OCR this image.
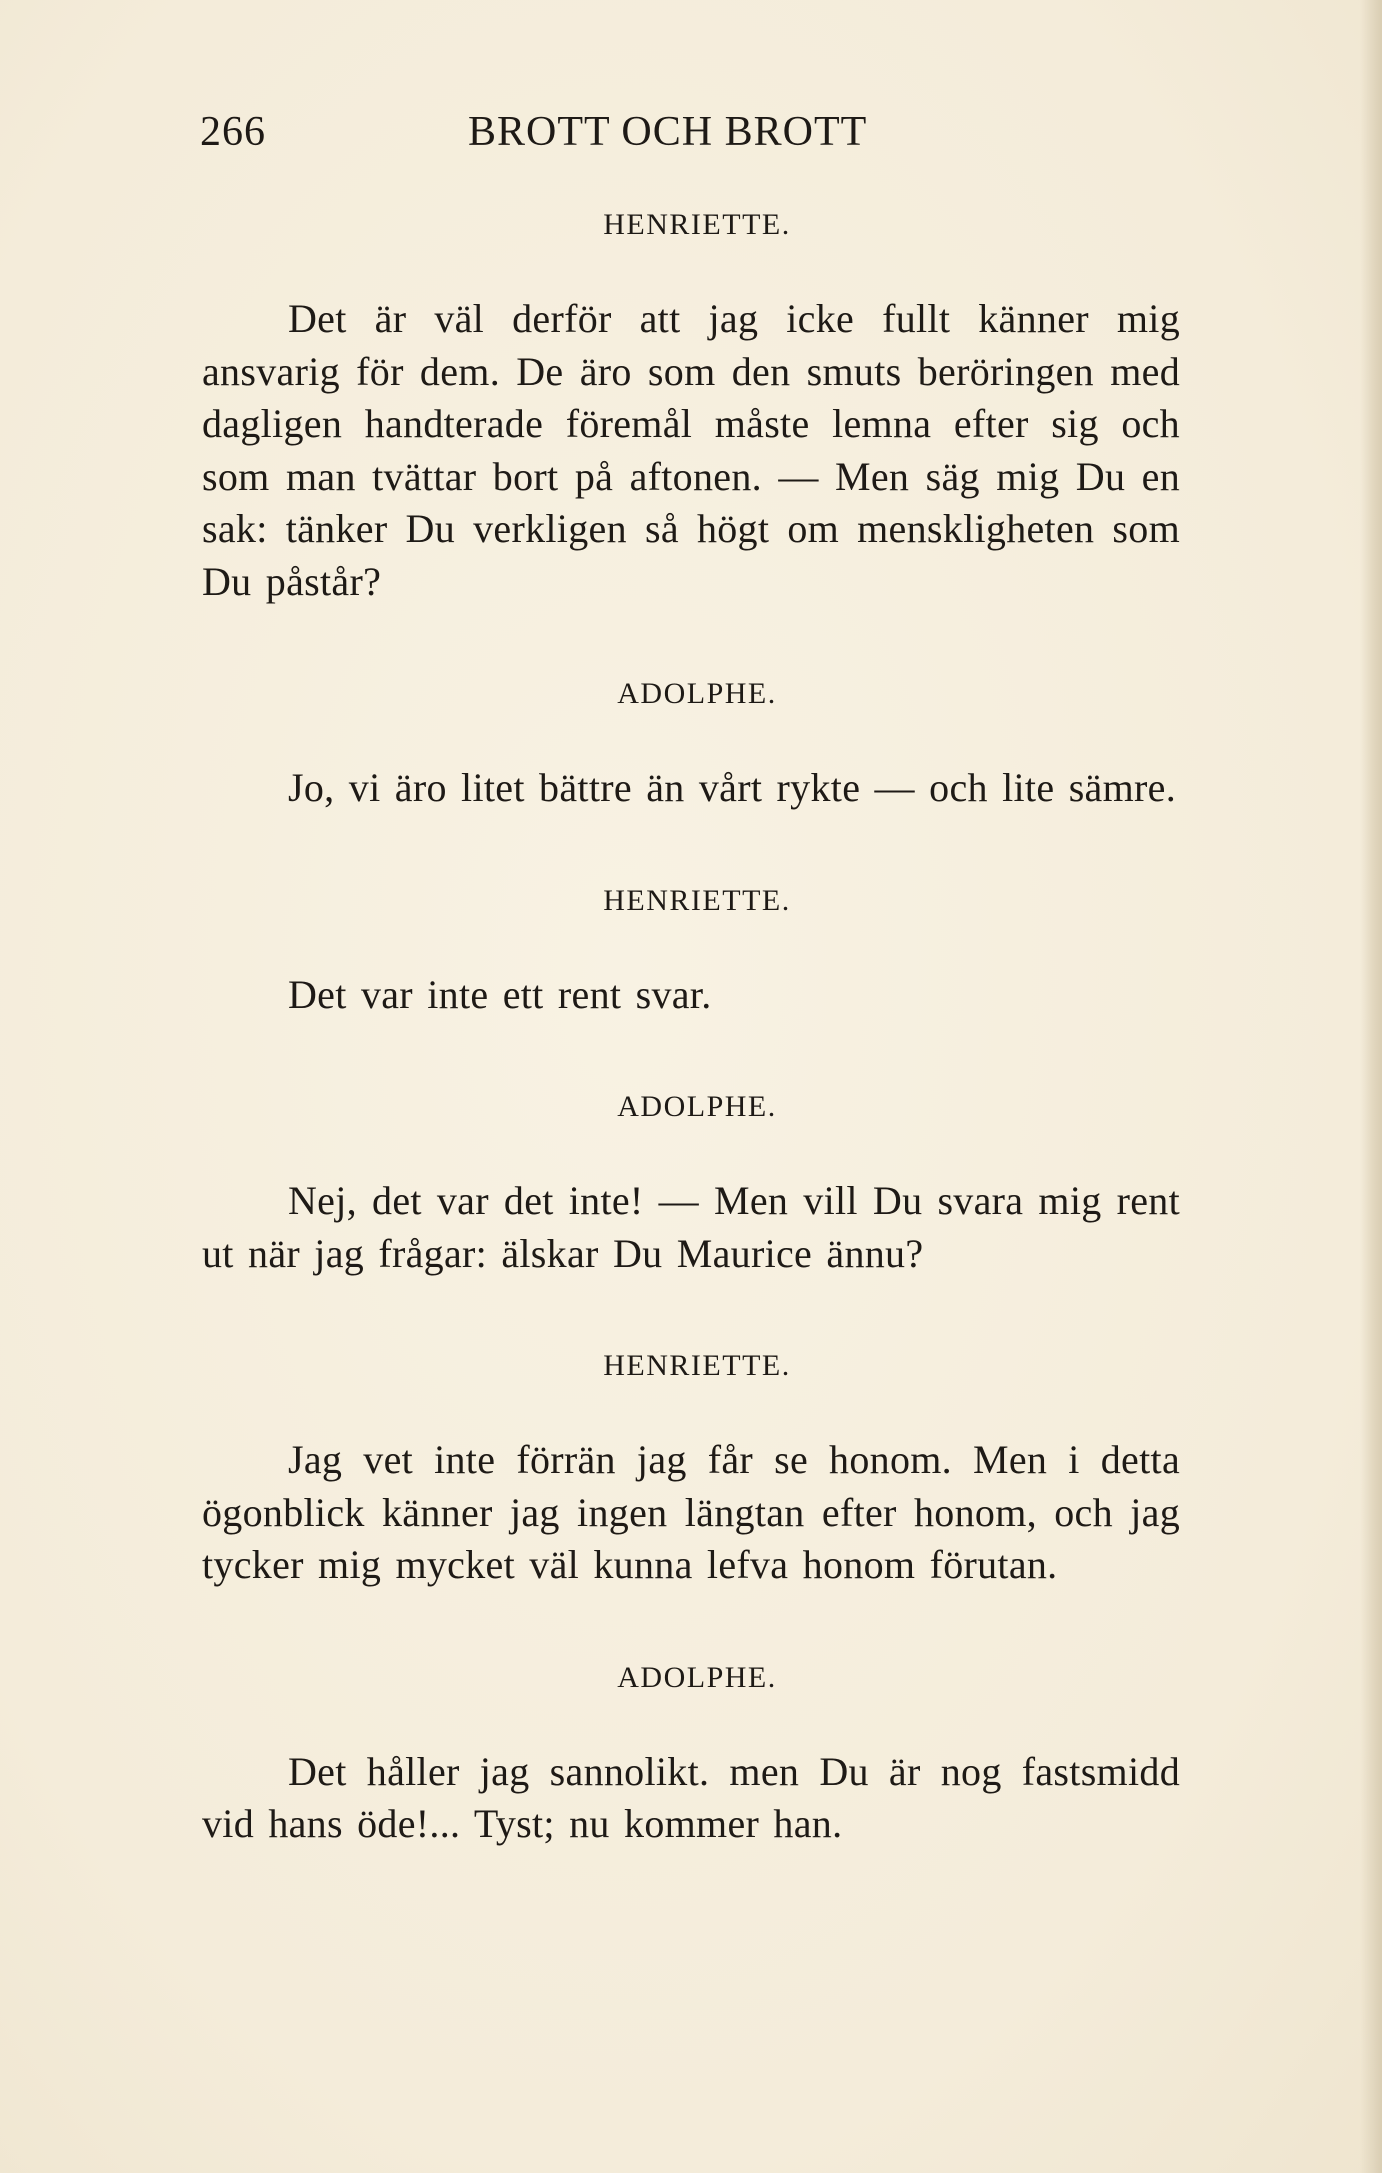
266	BROTT OCH BROTT

HENRIETTE.

Det är väl derför att jag icke fullt känner mig ansvarig för dem. De äro som den smuts beröringen med dagligen handterade föremål måste lemna efter sig och som man tvättar bort på aftonen. — Men säg mig Du en sak: tänker Du verkligen så högt om menskligheten som Du påstår?

ADOLPHE.

Jo, vi äro litet bättre än vårt rykte — och lite sämre.

HENRIETTE.

Det var inte ett rent svar.

ADOLPHE.

Nej, det var det inte! — Men vill Du svara mig rent ut när jag frågar: älskar Du Maurice ännu?

HENRIETTE.

Jag vet inte förrän jag får se honom. Men i detta ögonblick känner jag ingen längtan efter honom, och jag tycker mig mycket väl kunna lefva honom förutan.

ADOLPHE.

Det håller jag sannolikt. men Du är nog fastsmidd vid hans öde!... Tyst; nu kommer han.
